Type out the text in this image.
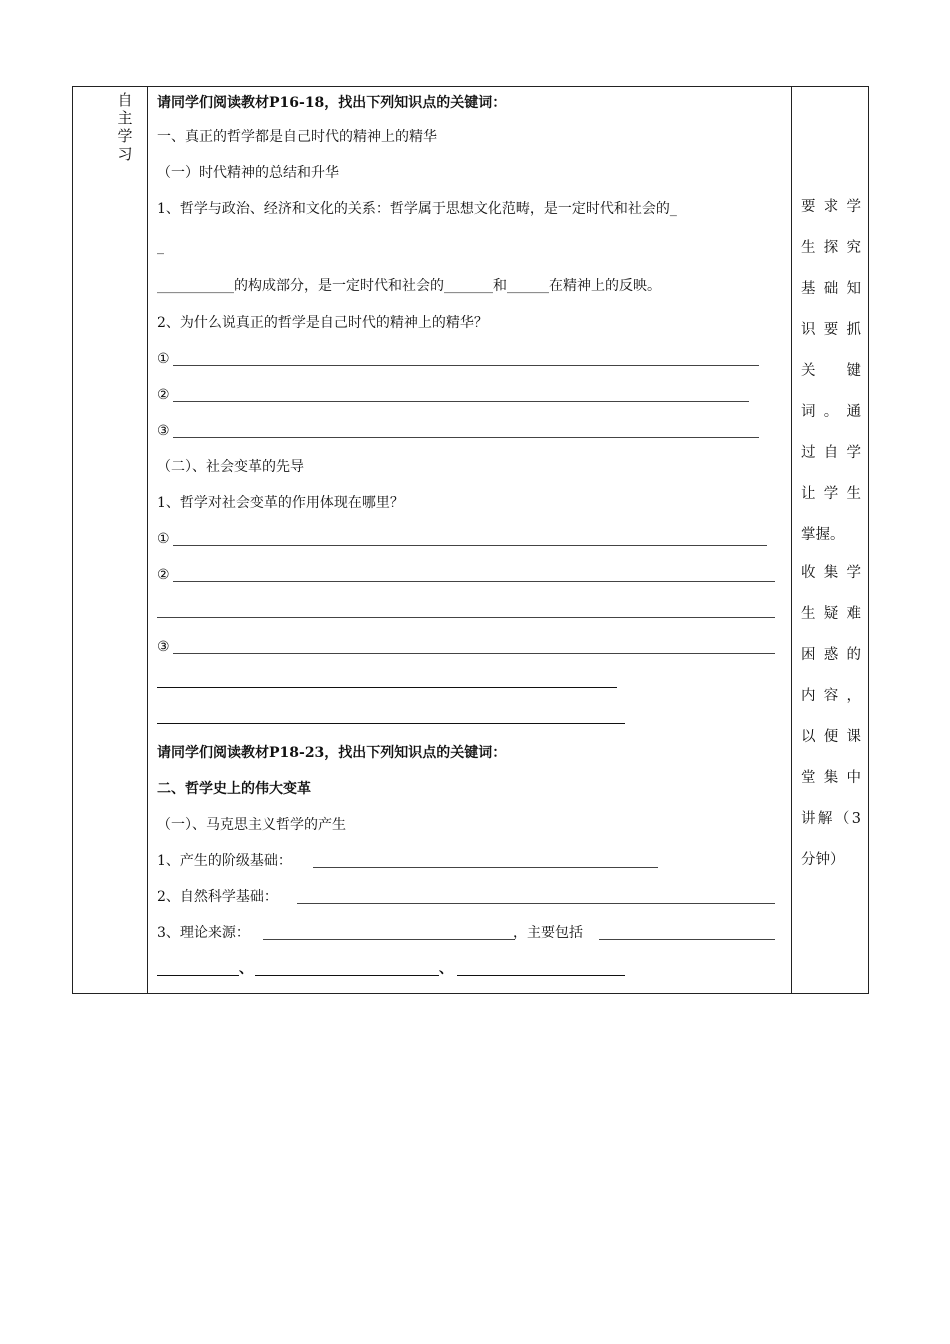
自
主
学
习
请同学们阅读教材P16-18，找出下列知识点的关键词：
一、真正的哲学都是自己时代的精神上的精华
（一）时代精神的总结和升华
1、哲学与政治、经济和文化的关系：哲学属于思想文化范畴，是一定时代和社会的_
_
___________的构成部分，是一定时代和社会的_______和______在精神上的反映。
2、为什么说真正的哲学是自己时代的精神上的精华？
①
②
③
（二）、社会变革的先导
1、哲学对社会变革的作用体现在哪里？
①
②
③
请同学们阅读教材P18-23，找出下列知识点的关键词：
二、哲学史上的伟大变革
（一）、马克思主义哲学的产生
1、产生的阶级基础：
2、自然科学基础：
3、理论来源：	，主要包括
、	、
要求学
生探究
基础知
识要抓
关　键
词。通
过自学
让学生
掌握。
收集学
生疑难
困惑的
内容，
以便课
堂集中
讲解（3
分钟）
